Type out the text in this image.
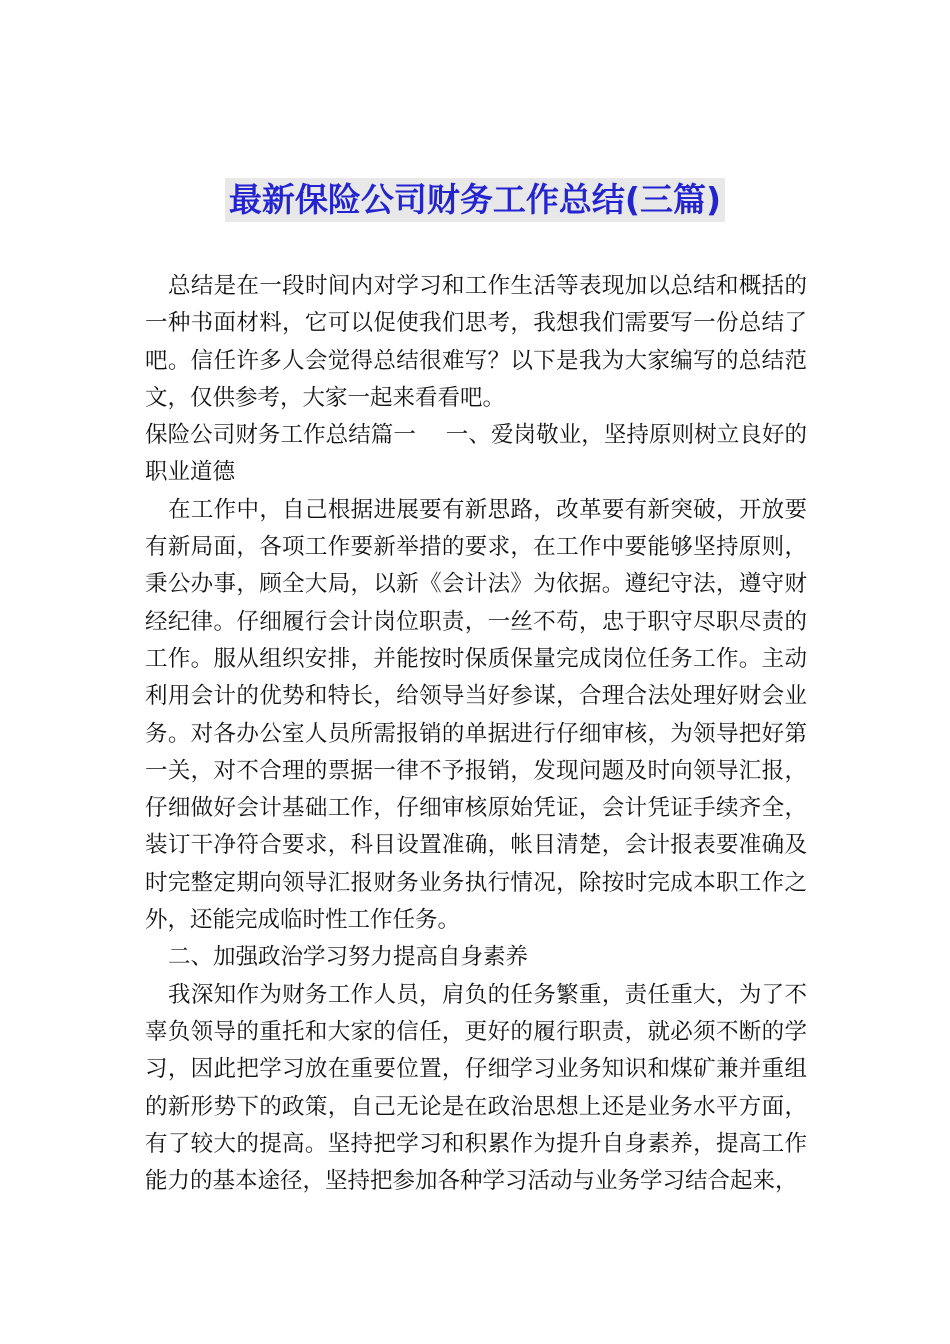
最新保险公司财务工作总结(三篇)

总结是在一段时间内对学习和工作生活等表现加以总结和概括的一种书面材料，它可以促使我们思考，我想我们需要写一份总结了吧。信任许多人会觉得总结很难写？以下是我为大家编写的总结范文，仅供参考，大家一起来看看吧。

保险公司财务工作总结篇一　 一、爱岗敬业，坚持原则树立良好的职业道德

在工作中，自己根据进展要有新思路，改革要有新突破，开放要有新局面，各项工作要新举措的要求，在工作中要能够坚持原则，秉公办事，顾全大局，以新《会计法》为依据。遵纪守法，遵守财经纪律。仔细履行会计岗位职责，一丝不苟，忠于职守尽职尽责的工作。服从组织安排，并能按时保质保量完成岗位任务工作。主动利用会计的优势和特长，给领导当好参谋，合理合法处理好财会业务。对各办公室人员所需报销的单据进行仔细审核，为领导把好第一关，对不合理的票据一律不予报销，发现问题及时向领导汇报，仔细做好会计基础工作，仔细审核原始凭证，会计凭证手续齐全，装订干净符合要求，科目设置准确，帐目清楚，会计报表要准确及时完整定期向领导汇报财务业务执行情况，除按时完成本职工作之外，还能完成临时性工作任务。

二、加强政治学习努力提高自身素养

我深知作为财务工作人员，肩负的任务繁重，责任重大，为了不辜负领导的重托和大家的信任，更好的履行职责，就必须不断的学习，因此把学习放在重要位置，仔细学习业务知识和煤矿兼并重组的新形势下的政策，自己无论是在政治思想上还是业务水平方面，有了较大的提高。坚持把学习和积累作为提升自身素养，提高工作能力的基本途径，坚持把参加各种学习活动与业务学习结合起来，
